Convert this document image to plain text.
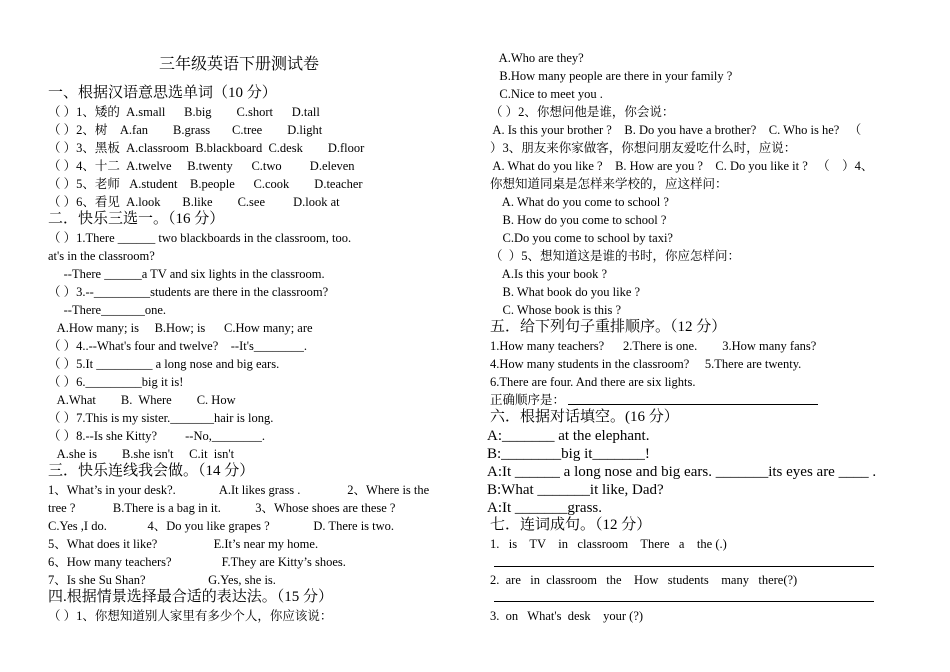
三年级英语下册测试卷
一、根据汉语意思选单词（10 分）
（ ）1、矮的  A.small      B.big        C.short      D.tall
（ ）2、树    A.fan        B.grass       C.tree        D.light
（ ）3、黑板  A.classroom  B.blackboard  C.desk        D.floor
（ ）4、十二  A.twelve     B.twenty      C.two         D.eleven
（ ）5、老师   A.student    B.people      C.cook        D.teacher
（ ）6、看见  A.look       B.like        C.see         D.look at
二．快乐三选一。（16 分）
（ ）1.There ______ two blackboards in the classroom, too.
at's in the classroom?
--There ______a TV and six lights in the classroom.
（ ）3.--_________students are there in the classroom?
--There_______one.
A.How many; is     B.How; is      C.How many; are
（ ）4..--What's four and twelve?    --It's________.
（ ）5.It _________ a long nose and big ears.
（ ）6._________big it is!
A.What        B.  Where        C. How
（ ）7.This is my sister._______hair is long.
（ ）8.--Is she Kitty?         --No,________.
A.she is        B.she isn't     C.it  isn't
三．快乐连线我会做。（14 分）
1、What’s in your desk?.              A.It likes grass .               2、Where is the
tree ?            B.There is a bag in it.           3、Whose shoes are these ?
C.Yes ,I do.             4、Do you like grapes ?              D. There is two.
5、What does it like?                  E.It’s near my home.
6、How many teachers?                F.They are Kitty’s shoes.
7、Is she Su Shan?                    G.Yes, she is.
四.根据情景选择最合适的表达法。（15 分）
（ ）1、你想知道别人家里有多少个人，你应该说：
A.Who are they?
B.How many people are there in your family ?
C.Nice to meet you .
（ ）2、你想问他是谁，你会说：
A. Is this your brother ?    B. Do you have a brother?    C. Who is he?   （
）3、朋友来你家做客，你想问朋友爱吃什么时，应说：
A. What do you like ?    B. How are you ?    C. Do you like it ?   （    ）4、
你想知道同桌是怎样来学校的，应这样问：
A. What do you come to school ?
B. How do you come to school ?
C.Do you come to school by taxi?
（  ）5、想知道这是谁的书时，你应怎样问：
A.Is this your book ?
B. What book do you like ?
C. Whose book is this ?
五．给下列句子重排顺序。（12 分）
1.How many teachers?      2.There is one.        3.How many fans?
4.How many students in the classroom?     5.There are twenty.
6.There are four. And there are six lights.
正确顺序是：
六．根据对话填空。(16 分）
A:_______ at the elephant.
B:________big it_______!
A:It ______ a long nose and big ears. _______its eyes are ____ .
B:What _______it like, Dad?
A:It _______grass.
七．连词成句。（12 分）
1.   is    TV    in   classroom    There   a    the (.)
2.  are   in  classroom   the    How   students    many   there(?)
3.  on   What's  desk    your (?)
